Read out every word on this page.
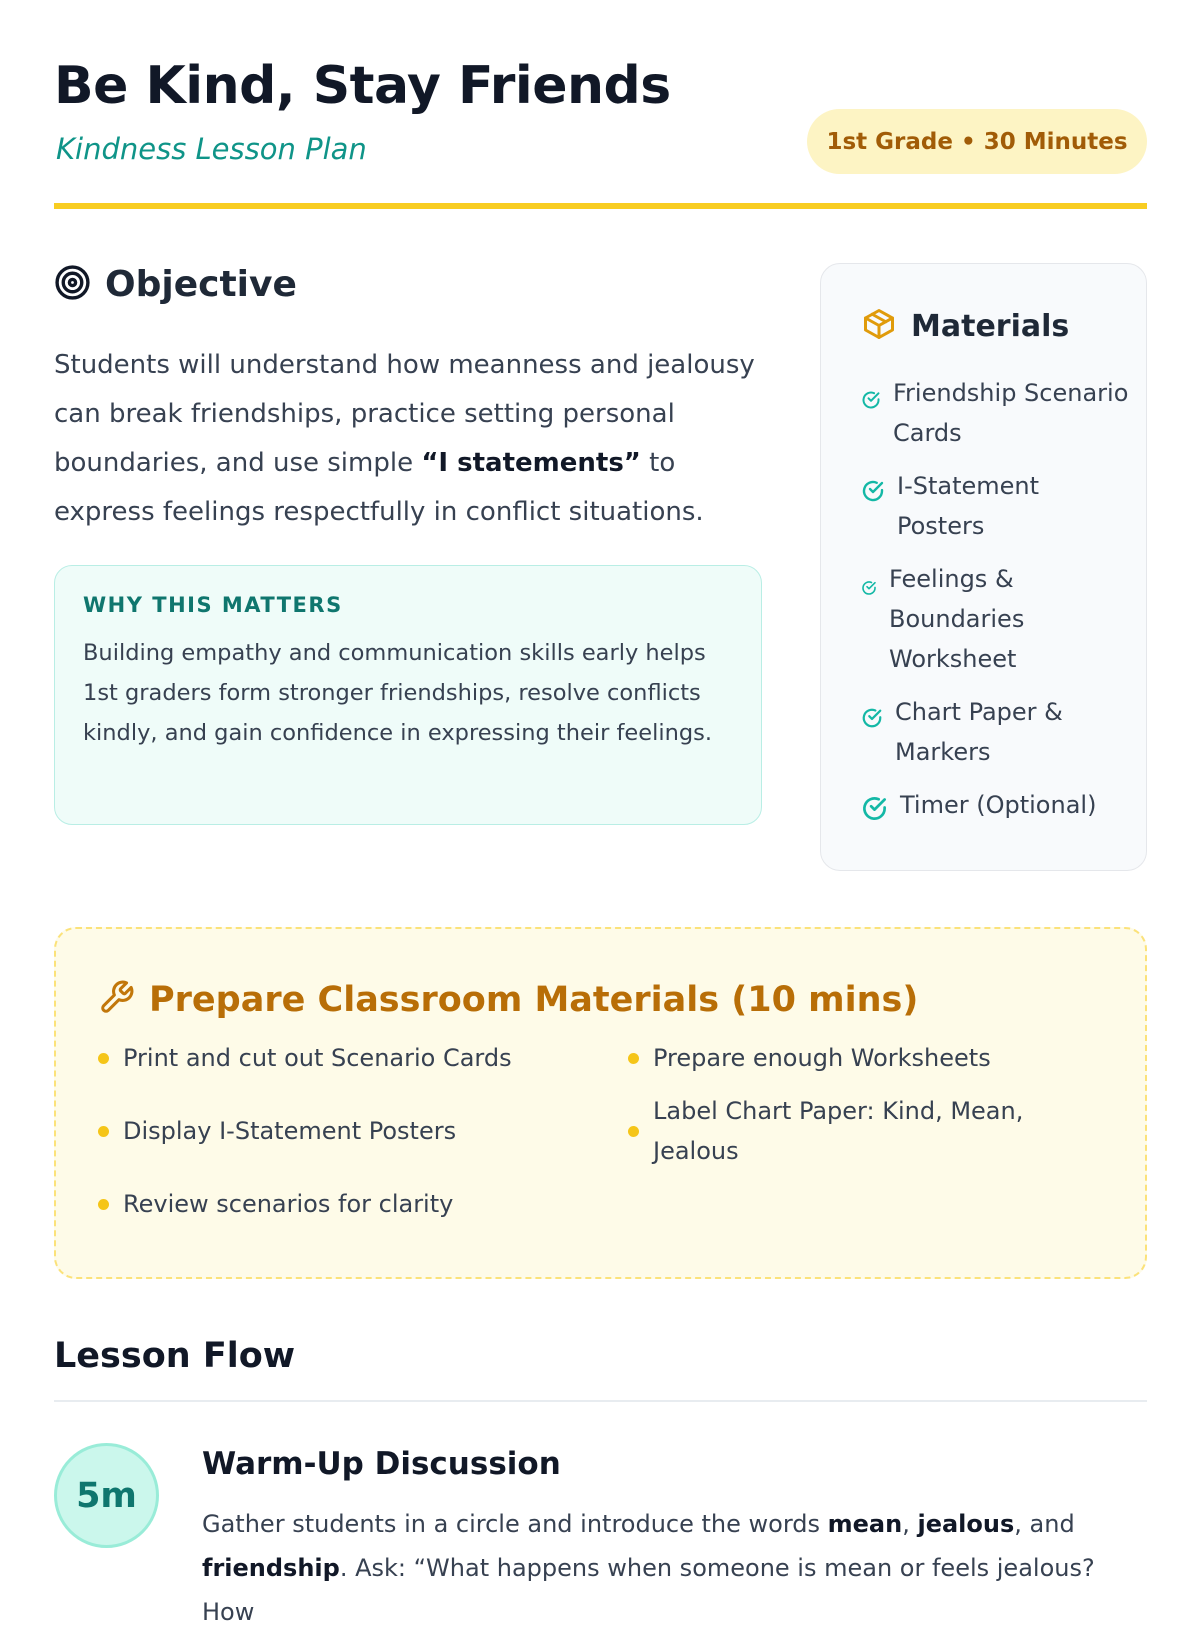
Be Kind, Stay Friends

Kindness Lesson Plan	1st Grade • 30 Minutes
Objective

Students will understand how meanness and jealousy can break friendships, practice setting personal boundaries, and use simple “I statements” to express feelings respectfully in conflict situations.

WHY THIS MATTERS

Building empathy and communication skills early helps 1st graders form stronger friendships, resolve conflicts kindly, and gain confidence in expressing their feelings.

Materials
Friendship Scenario Cards
I-Statement Posters
Feelings & Boundaries Worksheet
Chart Paper & Markers
Timer (Optional)
Prepare Classroom Materials (10 mins)
Print and cut out Scenario Cards
Display I-Statement Posters
Review scenarios for clarity
Prepare enough Worksheets
Label Chart Paper: Kind, Mean, Jealous
Lesson Flow
5m
Warm-Up Discussion

Gather students in a circle and introduce the words mean, jealous, and friendship. Ask: “What happens when someone is mean or feels jealous? How
